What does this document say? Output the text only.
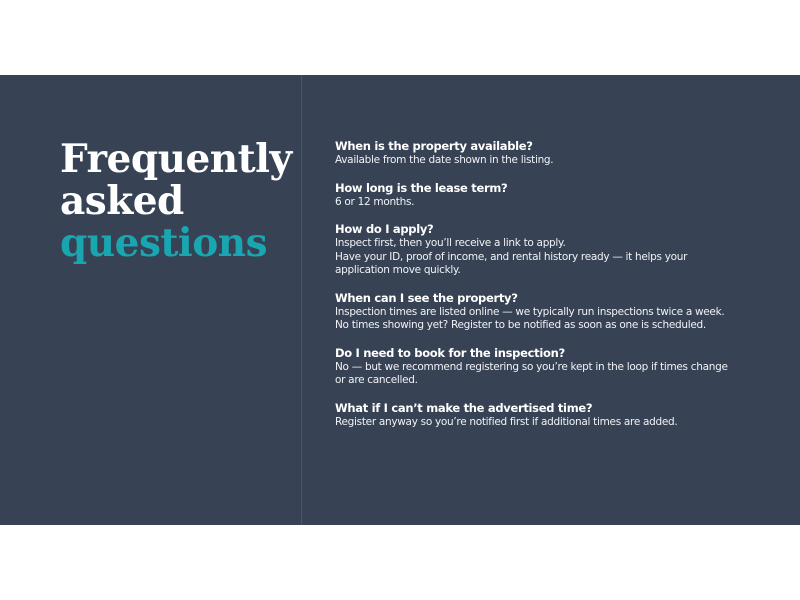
Frequently
asked
questions
When is the property available?
Available from the date shown in the listing.
How long is the lease term?
6 or 12 months.
How do I apply?
Inspect first, then you’ll receive a link to apply.
Have your ID, proof of income, and rental history ready — it helps your
application move quickly.
When can I see the property?
Inspection times are listed online — we typically run inspections twice a week.
No times showing yet? Register to be notified as soon as one is scheduled.
Do I need to book for the inspection?
No — but we recommend registering so you’re kept in the loop if times change
or are cancelled.
What if I can’t make the advertised time?
Register anyway so you’re notified first if additional times are added.
